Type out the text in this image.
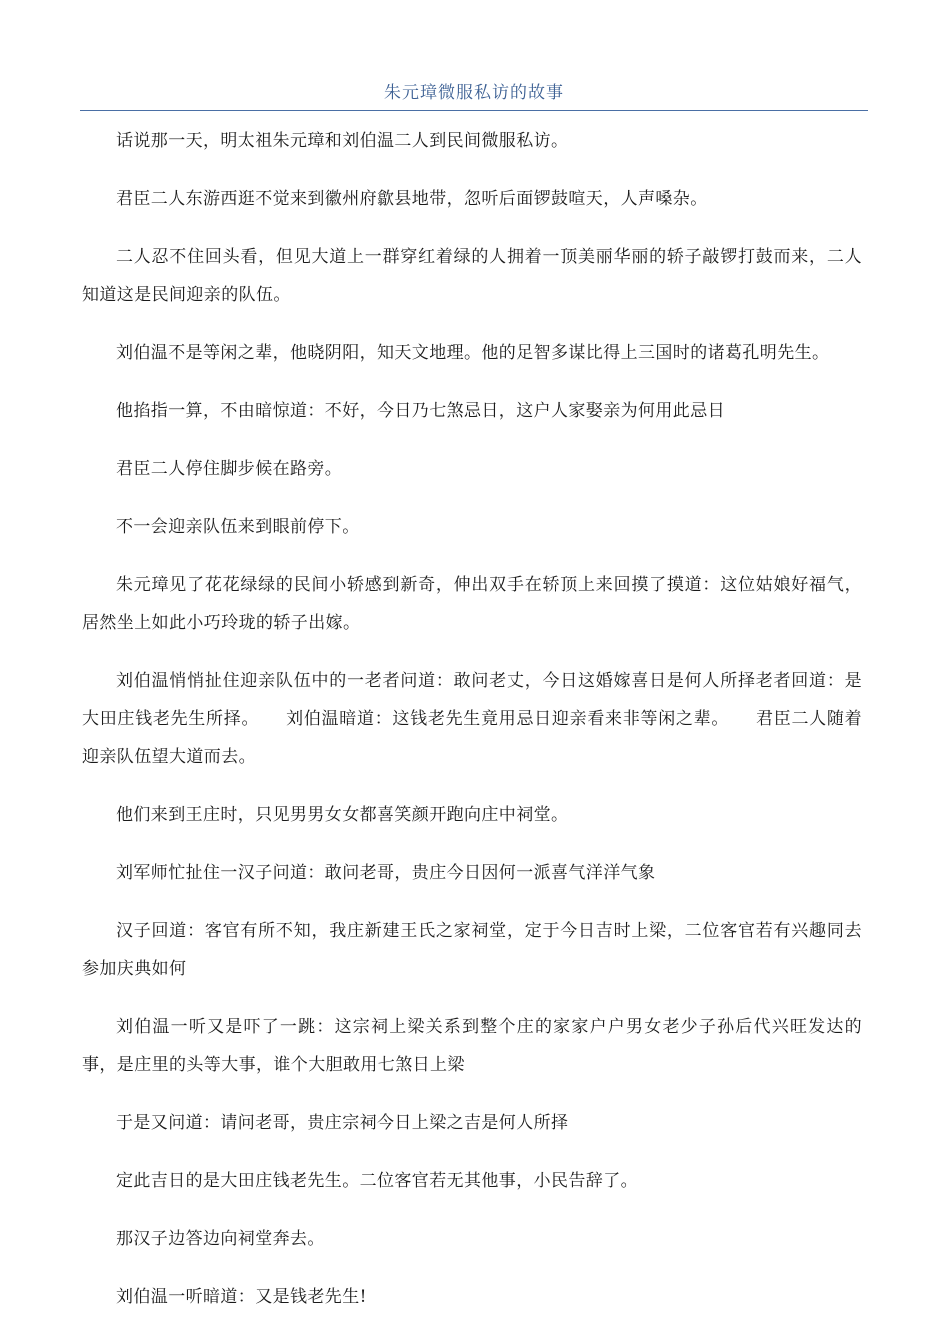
朱元璋微服私访的故事

话说那一天，明太祖朱元璋和刘伯温二人到民间微服私访。

君臣二人东游西逛不觉来到徽州府歙县地带，忽听后面锣鼓喧天，人声嗓杂。

二人忍不住回头看，但见大道上一群穿红着绿的人拥着一顶美丽华丽的轿子敲锣打鼓而来，二人知道这是民间迎亲的队伍。

刘伯温不是等闲之辈，他晓阴阳，知天文地理。他的足智多谋比得上三国时的诸葛孔明先生。

他掐指一算，不由暗惊道：不好，今日乃七煞忌日，这户人家娶亲为何用此忌日

君臣二人停住脚步候在路旁。

不一会迎亲队伍来到眼前停下。

朱元璋见了花花绿绿的民间小轿感到新奇，伸出双手在轿顶上来回摸了摸道：这位姑娘好福气，居然坐上如此小巧玲珑的轿子出嫁。

刘伯温悄悄扯住迎亲队伍中的一老者问道：敢问老丈，今日这婚嫁喜日是何人所择老者回道：是大田庄钱老先生所择。　　刘伯温暗道：这钱老先生竟用忌日迎亲看来非等闲之辈。　　君臣二人随着迎亲队伍望大道而去。

他们来到王庄时，只见男男女女都喜笑颜开跑向庄中祠堂。

刘军师忙扯住一汉子问道：敢问老哥，贵庄今日因何一派喜气洋洋气象

汉子回道：客官有所不知，我庄新建王氏之家祠堂，定于今日吉时上梁，二位客官若有兴趣同去参加庆典如何

刘伯温一听又是吓了一跳：这宗祠上梁关系到整个庄的家家户户男女老少子孙后代兴旺发达的事，是庄里的头等大事，谁个大胆敢用七煞日上梁

于是又问道：请问老哥，贵庄宗祠今日上梁之吉是何人所择

定此吉日的是大田庄钱老先生。二位客官若无其他事，小民告辞了。

那汉子边答边向祠堂奔去。

刘伯温一听暗道：又是钱老先生!
